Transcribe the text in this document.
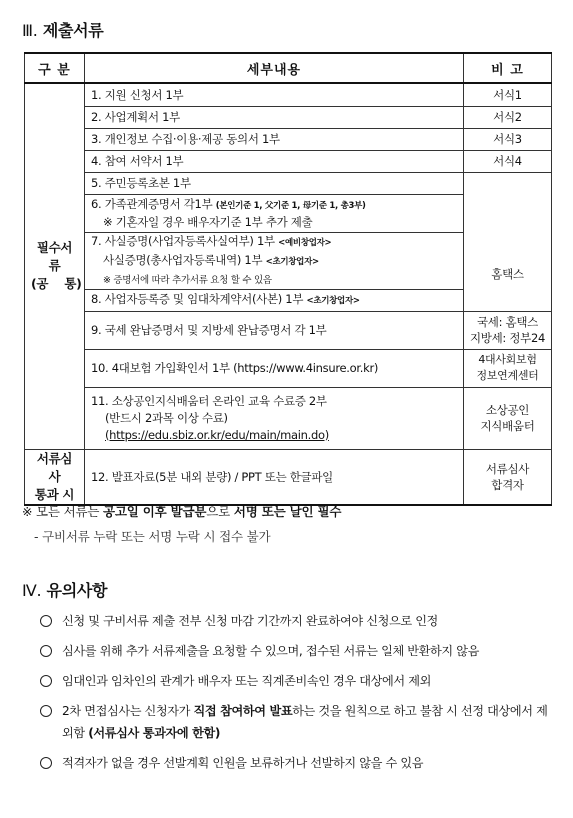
Ⅲ. 제출서류
구 분	세부내용	비 고
필수서류
(공    통)	1. 지원 신청서 1부	서식1
	2. 사업계획서 1부	서식2
	3. 개인정보 수집·이용·제공 동의서 1부	서식3
	4. 참여 서약서 1부	서식4
	5. 주민등록초본 1부	홈택스
	6. 가족관계증명서 각1부 (본인기준 1, 父기준 1, 母기준 1, 총3부)
※ 기혼자일 경우 배우자기준 1부 추가 제출	

	7. 사실증명(사업자등록사실여부) 1부 <예비창업자>
사실증명(총사업자등록내역) 1부 <초기창업자>
※ 증명서에 따라 추가서류 요청 할 수 있음	
	8. 사업자등록증 및 임대차계약서(사본) 1부 <초기창업자>	
	9. 국세 완납증명서 및 지방세 완납증명서 각 1부	국세: 홈택스
지방세: 정부24
	10. 4대보험 가입확인서 1부 (https://www.4insure.or.kr)	4대사회보험
정보연계센터
	11. 소상공인지식배움터 온라인 교육 수료증 2부
(반드시 2과목 이상 수료)
(https://edu.sbiz.or.kr/edu/main/main.do)	소상공인
지식배움터
서류심사
통과 시	12. 발표자료(5분 내외 분량) / PPT 또는 한글파일	서류심사
합격자
※ 모든 서류는 공고일 이후 발급분으로 서명 또는 날인 필수
- 구비서류 누락 또는 서명 누락 시 접수 불가
Ⅳ. 유의사항
신청 및 구비서류 제출 전부 신청 마감 기간까지 완료하여야 신청으로 인정
심사를 위해 추가 서류제출을 요청할 수 있으며, 접수된 서류는 일체 반환하지 않음
임대인과 임차인의 관계가 배우자 또는 직계존비속인 경우 대상에서 제외
2차 면접심사는 신청자가 직접 참여하여 발표하는 것을 원칙으로 하고 불참 시 선정 대상에서 제외함 (서류심사 통과자에 한함)
적격자가 없을 경우 선발계획 인원을 보류하거나 선발하지 않을 수 있음
